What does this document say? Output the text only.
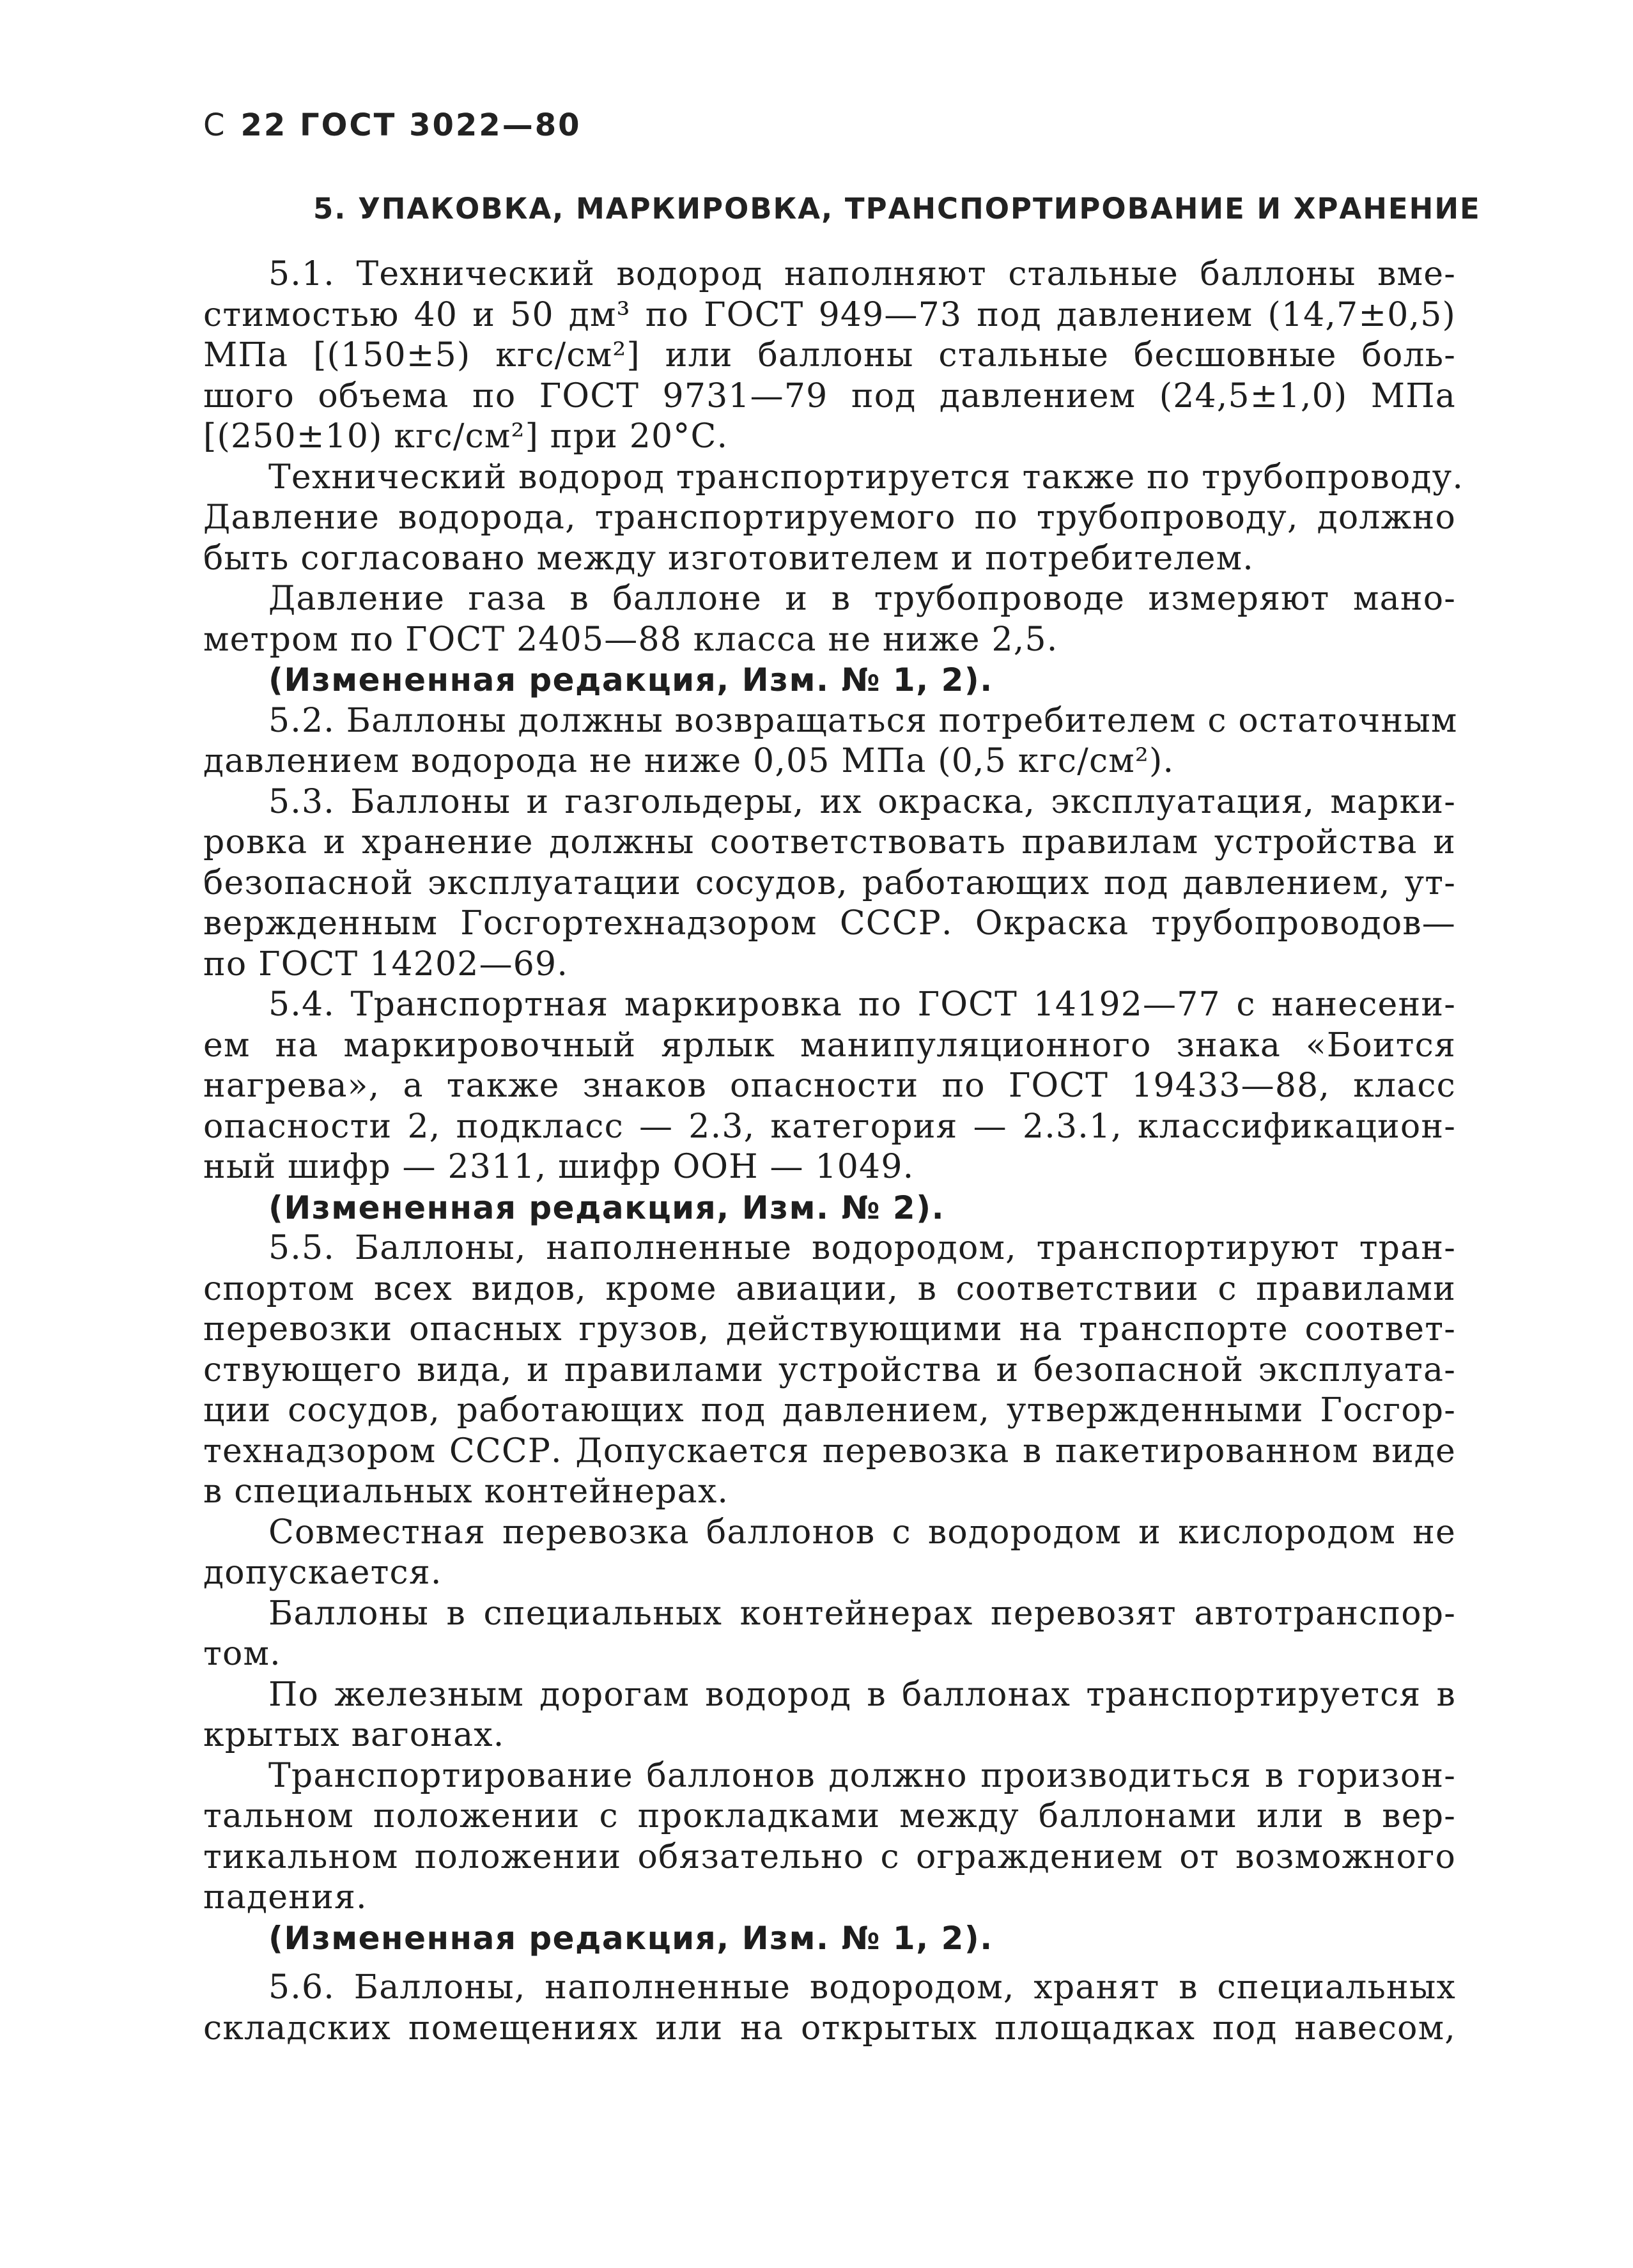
С 22 ГОСТ 3022—80
5. УПАКОВКА, МАРКИРОВКА, ТРАНСПОРТИРОВАНИЕ И ХРАНЕНИЕ
5.1. Технический водород наполняют стальные баллоны вме-
стимостью 40 и 50 дм³ по ГОСТ 949—73 под давлением (14,7±0,5)
МПа [(150±5) кгс/см²] или баллоны стальные бесшовные боль-
шого объема по ГОСТ 9731—79 под давлением (24,5±1,0) МПа
[(250±10) кгс/см²] при 20°С.
Технический водород транспортируется также по трубопроводу.
Давление водорода, транспортируемого по трубопроводу, должно
быть согласовано между изготовителем и потребителем.
Давление газа в баллоне и в трубопроводе измеряют мано-
метром по ГОСТ 2405—88 класса не ниже 2,5.
(Измененная редакция, Изм. № 1, 2).
5.2. Баллоны должны возвращаться потребителем с остаточным
давлением водорода не ниже 0,05 МПа (0,5 кгс/см²).
5.3. Баллоны и газгольдеры, их окраска, эксплуатация, марки-
ровка и хранение должны соответствовать правилам устройства и
безопасной эксплуатации сосудов, работающих под давлением, ут-
вержденным Госгортехнадзором СССР. Окраска трубопроводов—
по ГОСТ 14202—69.
5.4. Транспортная маркировка по ГОСТ 14192—77 с нанесени-
ем на маркировочный ярлык манипуляционного знака «Боится
нагрева», а также знаков опасности по ГОСТ 19433—88, класс
опасности 2, подкласс — 2.3, категория — 2.3.1, классификацион-
ный шифр — 2311, шифр ООН — 1049.
(Измененная редакция, Изм. № 2).
5.5. Баллоны, наполненные водородом, транспортируют тран-
спортом всех видов, кроме авиации, в соответствии с правилами
перевозки опасных грузов, действующими на транспорте соответ-
ствующего вида, и правилами устройства и безопасной эксплуата-
ции сосудов, работающих под давлением, утвержденными Госгор-
технадзором СССР. Допускается перевозка в пакетированном виде
в специальных контейнерах.
Совместная перевозка баллонов с водородом и кислородом не
допускается.
Баллоны в специальных контейнерах перевозят автотранспор-
том.
По железным дорогам водород в баллонах транспортируется в
крытых вагонах.
Транспортирование баллонов должно производиться в горизон-
тальном положении с прокладками между баллонами или в вер-
тикальном положении обязательно с ограждением от возможного
падения.
(Измененная редакция, Изм. № 1, 2).
5.6. Баллоны, наполненные водородом, хранят в специальных
складских помещениях или на открытых площадках под навесом,
